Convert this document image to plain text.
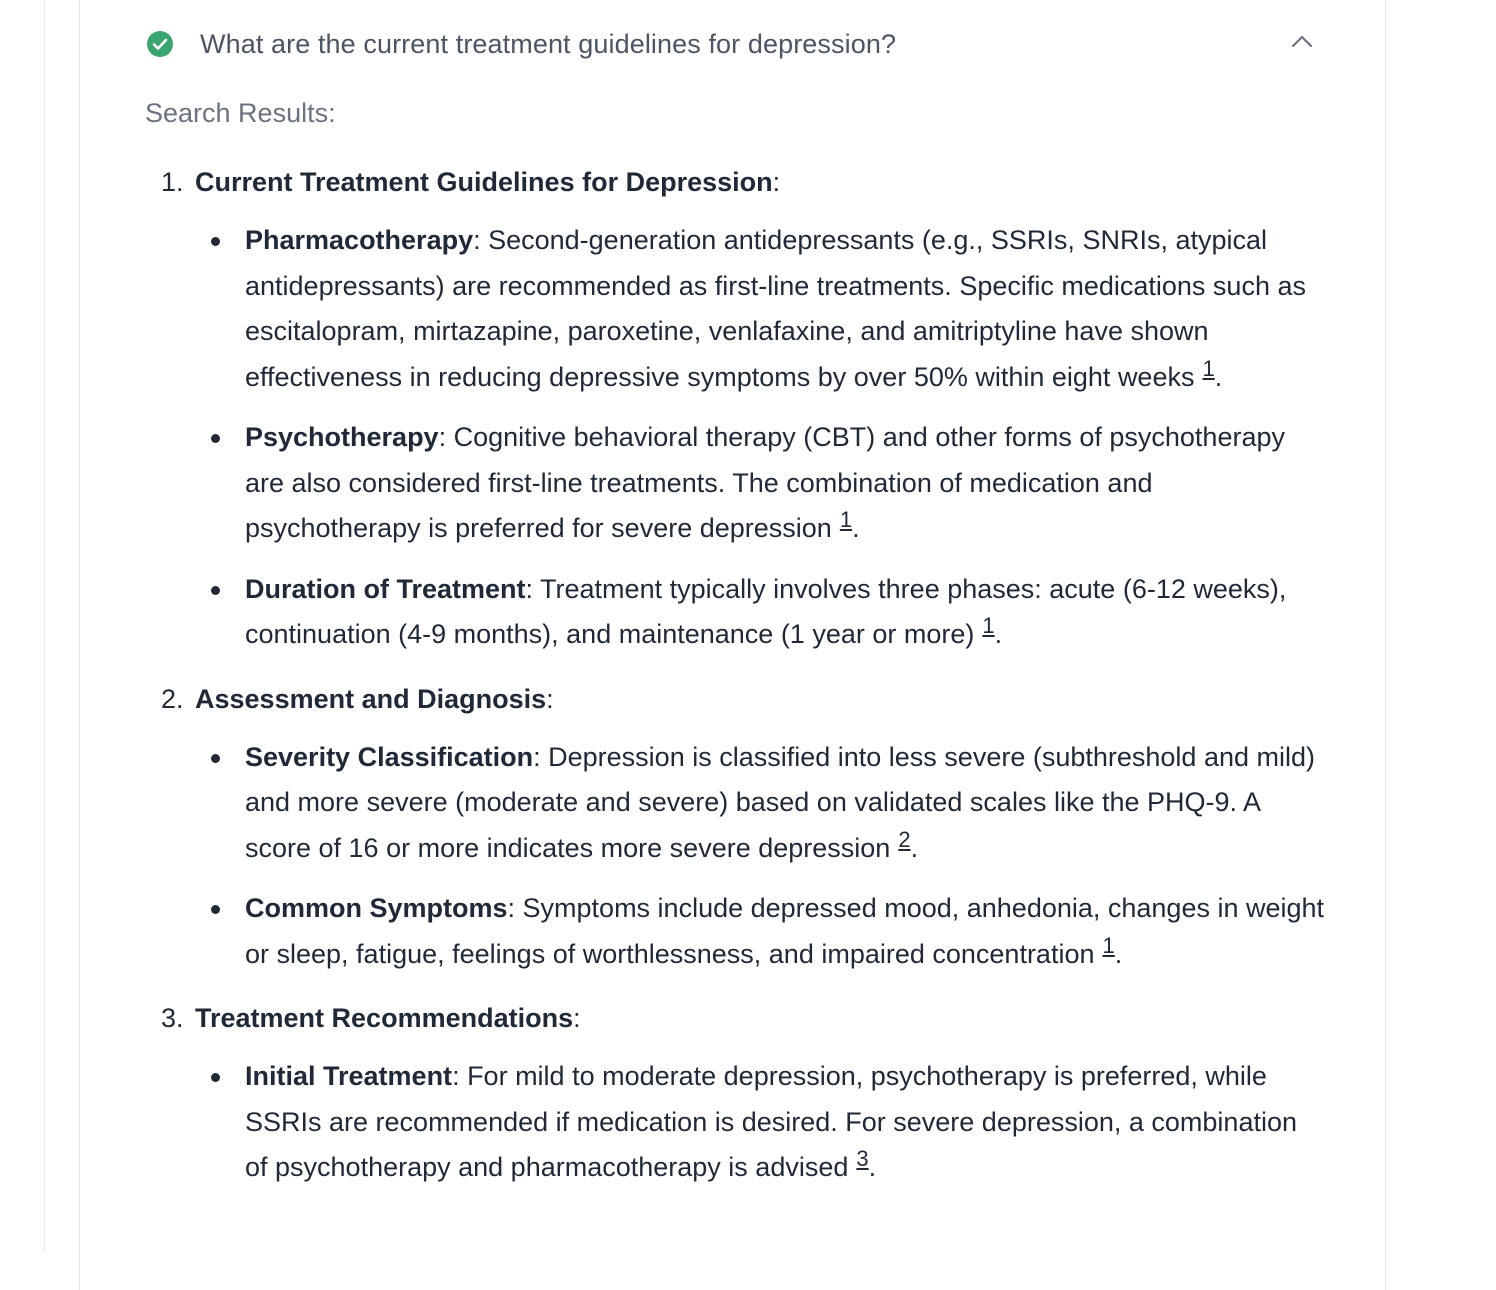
What are the current treatment guidelines for depression?
Search Results:
1. Current Treatment Guidelines for Depression:
Pharmacotherapy: Second-generation antidepressants (e.g., SSRIs, SNRIs, atypical antidepressants) are recommended as first-line treatments. Specific medications such as escitalopram, mirtazapine, paroxetine, venlafaxine, and amitriptyline have shown effectiveness in reducing depressive symptoms by over 50% within eight weeks $^1$.
Psychotherapy: Cognitive behavioral therapy (CBT) and other forms of psychotherapy are also considered first-line treatments. The combination of medication and psychotherapy is preferred for severe depression $^1$.
Duration of Treatment: Treatment typically involves three phases: acute (6-12 weeks), continuation (4-9 months), and maintenance (1 year or more) $^1$.
2. Assessment and Diagnosis:
Severity Classification: Depression is classified into less severe (subthreshold and mild) and more severe (moderate and severe) based on validated scales like the PHQ-9. A score of 16 or more indicates more severe depression $^2$.
Common Symptoms: Symptoms include depressed mood, anhedonia, changes in weight or sleep, fatigue, feelings of worthlessness, and impaired concentration $^1$.
3. Treatment Recommendations:
Initial Treatment: For mild to moderate depression, psychotherapy is preferred, while SSRIs are recommended if medication is desired. For severe depression, a combination of psychotherapy and pharmacotherapy is advised $^3$.
